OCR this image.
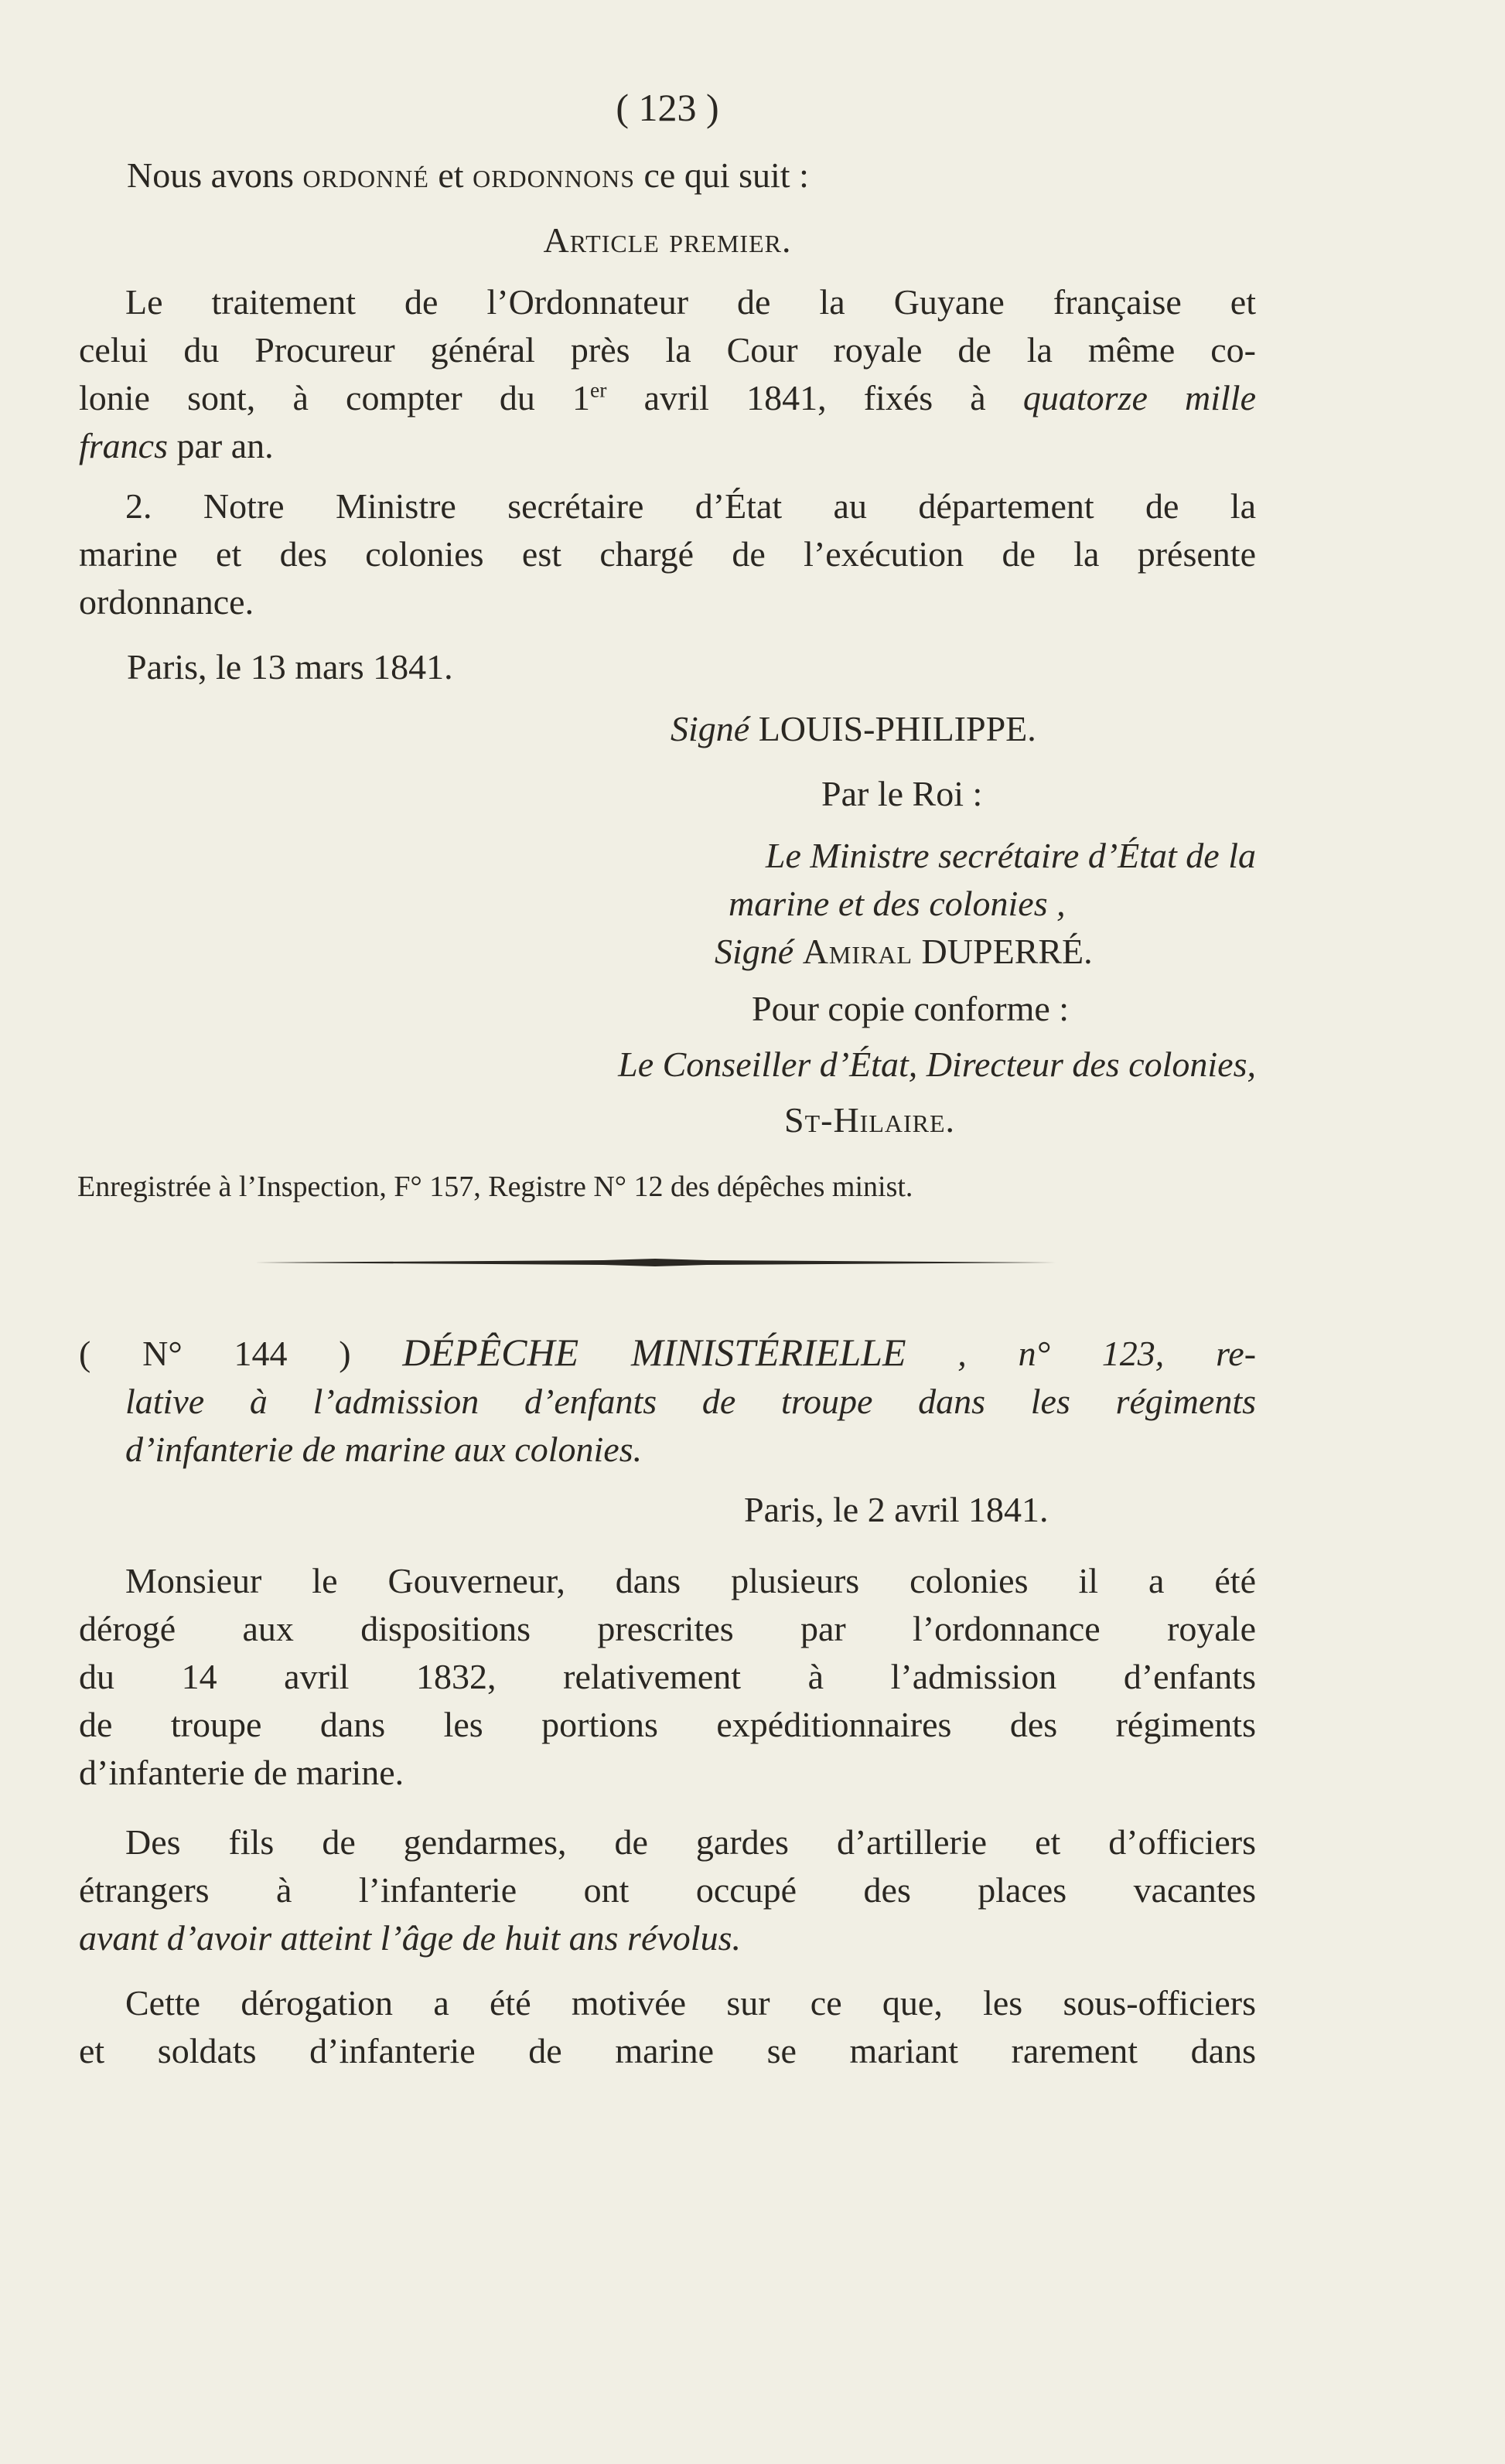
( 123 )
Nous avons ordonné et ordonnons ce qui suit :
Article premier.

Le traitement de l’Ordonnateur de la Guyane française et

celui du Procureur général près la Cour royale de la même co-

lonie sont, à compter du 1er avril 1841, fixés à quatorze mille

francs par an.

2. Notre Ministre secrétaire d’État au département de la

marine et des colonies est chargé de l’exécution de la présente

ordonnance.

Paris, le 13 mars 1841.
Signé LOUIS-PHILIPPE.
Par le Roi :

Le Ministre secrétaire d’État de la

marine et des colonies ,

Signé Amiral DUPERRÉ.
Pour copie conforme :
Le Conseiller d’État, Directeur des colonies,
St-Hilaire.
Enregistrée à l’Inspection, F° 157, Registre N° 12 des dépêches minist.

( N° 144 ) DÉPÊCHE MINISTÉRIELLE , n° 123, re-

lative à l’admission d’enfants de troupe dans les régiments

d’infanterie de marine aux colonies.

Paris, le 2 avril 1841.

Monsieur le Gouverneur, dans plusieurs colonies il a été

dérogé aux dispositions prescrites par l’ordonnance royale

du 14 avril 1832, relativement à l’admission d’enfants

de troupe dans les portions expéditionnaires des régiments

d’infanterie de marine.

Des fils de gendarmes, de gardes d’artillerie et d’officiers

étrangers à l’infanterie ont occupé des places vacantes

avant d’avoir atteint l’âge de huit ans révolus.

Cette dérogation a été motivée sur ce que, les sous-officiers

et soldats d’infanterie de marine se mariant rarement dans
